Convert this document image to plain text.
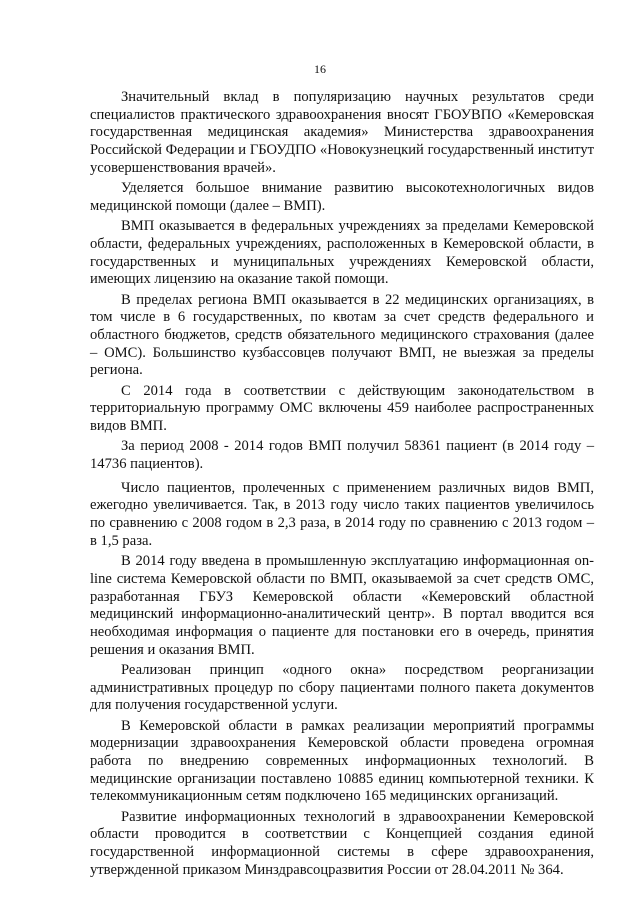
16

Значительный вклад в популяризацию научных результатов среди специалистов практического здравоохранения вносят ГБОУВПО «Кемеровская государственная медицинская академия» Министерства здравоохранения Российской Федерации и ГБОУДПО «Новокузнецкий государственный институт усовершенствования врачей».

Уделяется большое внимание развитию высокотехнологичных видов медицинской помощи (далее – ВМП).

ВМП оказывается в федеральных учреждениях за пределами Кемеровской области, федеральных учреждениях, расположенных в Кемеровской области, в государственных и муниципальных учреждениях Кемеровской области, имеющих лицензию на оказание такой помощи.

В пределах региона ВМП оказывается в 22 медицинских организациях, в том числе в 6 государственных, по квотам за счет средств федерального и областного бюджетов, средств обязательного медицинского страхования (далее – ОМС). Большинство кузбассовцев получают ВМП, не выезжая за пределы региона.

С 2014 года в соответствии с действующим законодательством в территориальную программу ОМС включены 459 наиболее распространенных видов ВМП.

За период 2008 - 2014 годов ВМП получил 58361 пациент (в 2014 году – 14736 пациентов).

Число пациентов, пролеченных с применением различных видов ВМП, ежегодно увеличивается. Так, в 2013 году число таких пациентов увеличилось по сравнению с 2008 годом в 2,3 раза, в 2014 году по сравнению с 2013 годом – в 1,5 раза.

В 2014 году введена в промышленную эксплуатацию информационная on-line система Кемеровской области по ВМП, оказываемой за счет средств ОМС, разработанная ГБУЗ Кемеровской области «Кемеровский областной медицинский информационно-аналитический центр». В портал вводится вся необходимая информация о пациенте для постановки его в очередь, принятия решения и оказания ВМП.

Реализован принцип «одного окна» посредством реорганизации административных процедур по сбору пациентами полного пакета документов для получения государственной услуги.

В Кемеровской области в рамках реализации мероприятий программы модернизации здравоохранения Кемеровской области проведена огромная работа по внедрению современных информационных технологий. В медицинские организации поставлено 10885 единиц компьютерной техники. К телекоммуникационным сетям подключено 165 медицинских организаций.

Развитие информационных технологий в здравоохранении Кемеровской области проводится в соответствии с Концепцией создания единой государственной информационной системы в сфере здравоохранения, утвержденной приказом Минздравсоцразвития России от 28.04.2011 № 364.
